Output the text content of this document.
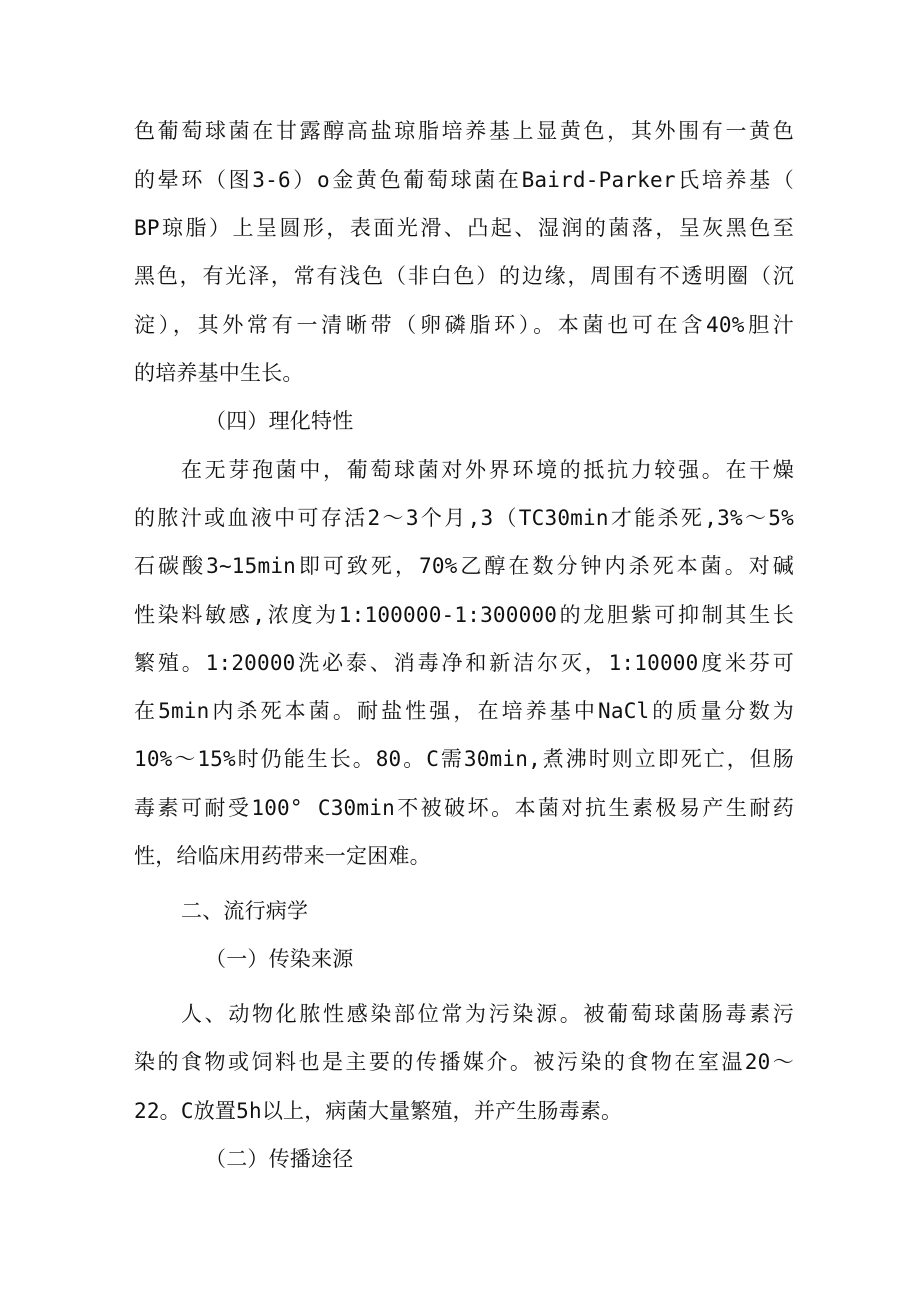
色葡萄球菌在甘露醇高盐琼脂培养基上显黄色，其外围有一黄色
的晕环（图3-6）o金黄色葡萄球菌在Baird-Parker氏培养基（
BP琼脂）上呈圆形，表面光滑、凸起、湿润的菌落，呈灰黑色至
黑色，有光泽，常有浅色（非白色）的边缘，周围有不透明圈（沉
淀），其外常有一清晰带（卵磷脂环）。本菌也可在含40%胆汁
的培养基中生长。
（四）理化特性
在无芽孢菌中，葡萄球菌对外界环境的抵抗力较强。在干燥
的脓汁或血液中可存活2～3个月,3（TC30min才能杀死,3%～5%
石碳酸3~15min即可致死，70%乙醇在数分钟内杀死本菌。对碱
性染料敏感,浓度为1:100000-1:300000的龙胆紫可抑制其生长
繁殖。1:20000洗必泰、消毒净和新洁尔灭，1:10000度米芬可
在5min内杀死本菌。耐盐性强，在培养基中NaCl的质量分数为
10%～15%时仍能生长。80。C需30min,煮沸时则立即死亡，但肠
毒素可耐受100° C30min不被破坏。本菌对抗生素极易产生耐药
性，给临床用药带来一定困难。
二、流行病学
（一）传染来源
人、动物化脓性感染部位常为污染源。被葡萄球菌肠毒素污
染的食物或饲料也是主要的传播媒介。被污染的食物在室温20～
22。C放置5h以上，病菌大量繁殖，并产生肠毒素。
（二）传播途径
